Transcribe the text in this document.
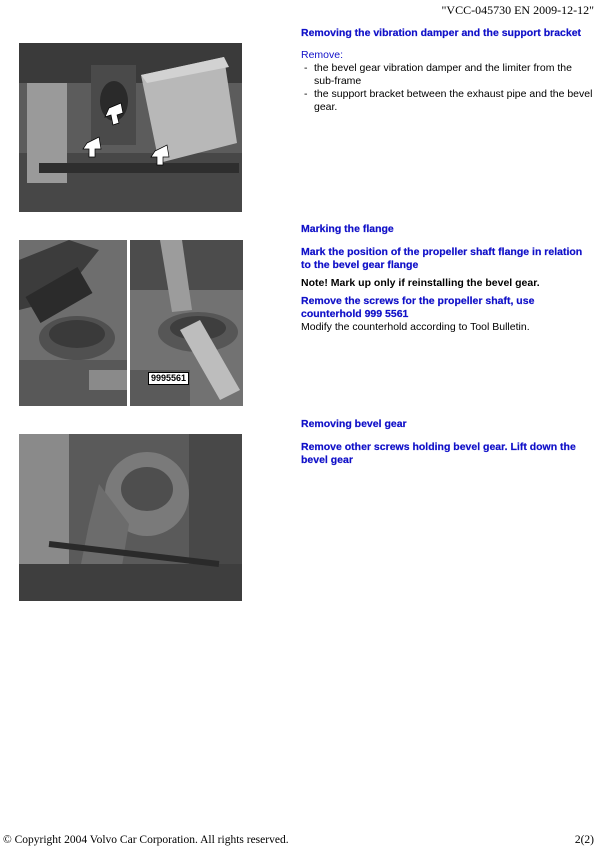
"VCC-045730 EN 2009-12-12"
Removing the vibration damper and the support bracket
Remove:
- the bevel gear vibration damper and the limiter from the sub-frame
- the support bracket between the exhaust pipe and the bevel gear.
9995561
Marking the flange
Mark the position of the propeller shaft flange in relation to the bevel gear flange
Note! Mark up only if reinstalling the bevel gear.
Remove the screws for the propeller shaft, use counterhold 999 5561
Modify the counterhold according to Tool Bulletin.
Removing bevel gear
Remove other screws holding bevel gear. Lift down the bevel gear
© Copyright 2004 Volvo Car Corporation. All rights reserved.	2(2)
